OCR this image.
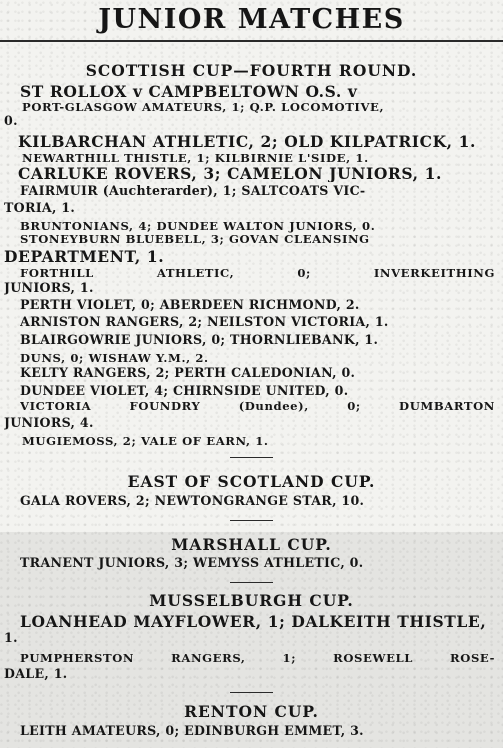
JUNIOR MATCHES
SCOTTISH CUP—FOURTH ROUND.
ST ROLLOX v CAMPBELTOWN O.S. v
PORT-GLASGOW AMATEURS, 1; Q.P. LOCOMOTIVE,
0.
KILBARCHAN ATHLETIC, 2; OLD KILPATRICK, 1.
NEWARTHILL THISTLE, 1; KILBIRNIE L'SIDE, 1.
CARLUKE ROVERS, 3; CAMELON JUNIORS, 1.
FAIRMUIR (Auchterarder), 1; SALTCOATS VIC-
TORIA, 1.
BRUNTONIANS, 4; DUNDEE WALTON JUNIORS, 0.
STONEYBURN BLUEBELL, 3; GOVAN CLEANSING
DEPARTMENT, 1.
FORTHILL ATHLETIC, 0; INVERKEITHING
JUNIORS, 1.
PERTH VIOLET, 0; ABERDEEN RICHMOND, 2.
ARNISTON RANGERS, 2; NEILSTON VICTORIA, 1.
BLAIRGOWRIE JUNIORS, 0; THORNLIEBANK, 1.
DUNS, 0; WISHAW Y.M., 2.
KELTY RANGERS, 2; PERTH CALEDONIAN, 0.
DUNDEE VIOLET, 4; CHIRNSIDE UNITED, 0.
VICTORIA FOUNDRY (Dundee), 0; DUMBARTON
JUNIORS, 4.
MUGIEMOSS, 2; VALE OF EARN, 1.
EAST OF SCOTLAND CUP.
GALA ROVERS, 2; NEWTONGRANGE STAR, 10.
MARSHALL CUP.
TRANENT JUNIORS, 3; WEMYSS ATHLETIC, 0.
MUSSELBURGH CUP.
LOANHEAD MAYFLOWER, 1; DALKEITH THISTLE,
1.
PUMPHERSTON RANGERS, 1; ROSEWELL ROSE-
DALE, 1.
RENTON CUP.
LEITH AMATEURS, 0; EDINBURGH EMMET, 3.
